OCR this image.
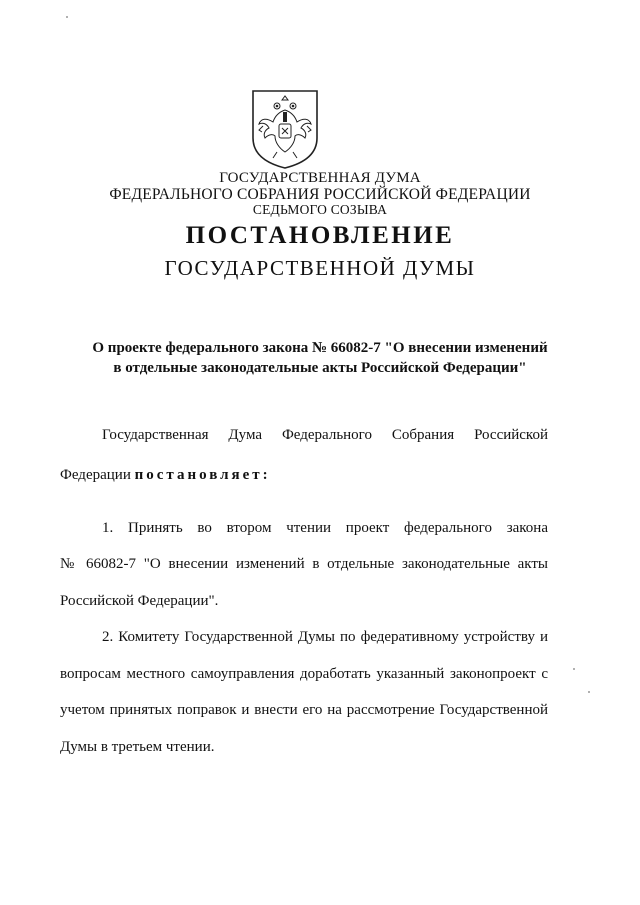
ГОСУДАРСТВЕННАЯ ДУМА
ФЕДЕРАЛЬНОГО СОБРАНИЯ РОССИЙСКОЙ ФЕДЕРАЦИИ
СЕДЬМОГО СОЗЫВА
ПОСТАНОВЛЕНИЕ
ГОСУДАРСТВЕННОЙ ДУМЫ
О проекте федерального закона № 66082-7 "О внесении изменений
в отдельные законодательные акты Российской Федерации"
Государственная Дума Федерального Собрания Российской
Федерации постановляет:
1. Принять во втором чтении проект федерального закона
№ 66082-7 "О внесении изменений в отдельные законодательные акты
Российской Федерации".
2. Комитету Государственной Думы по федеративному устройству и
вопросам местного самоуправления доработать указанный законопроект с
учетом принятых поправок и внести его на рассмотрение Государственной
Думы в третьем чтении.
